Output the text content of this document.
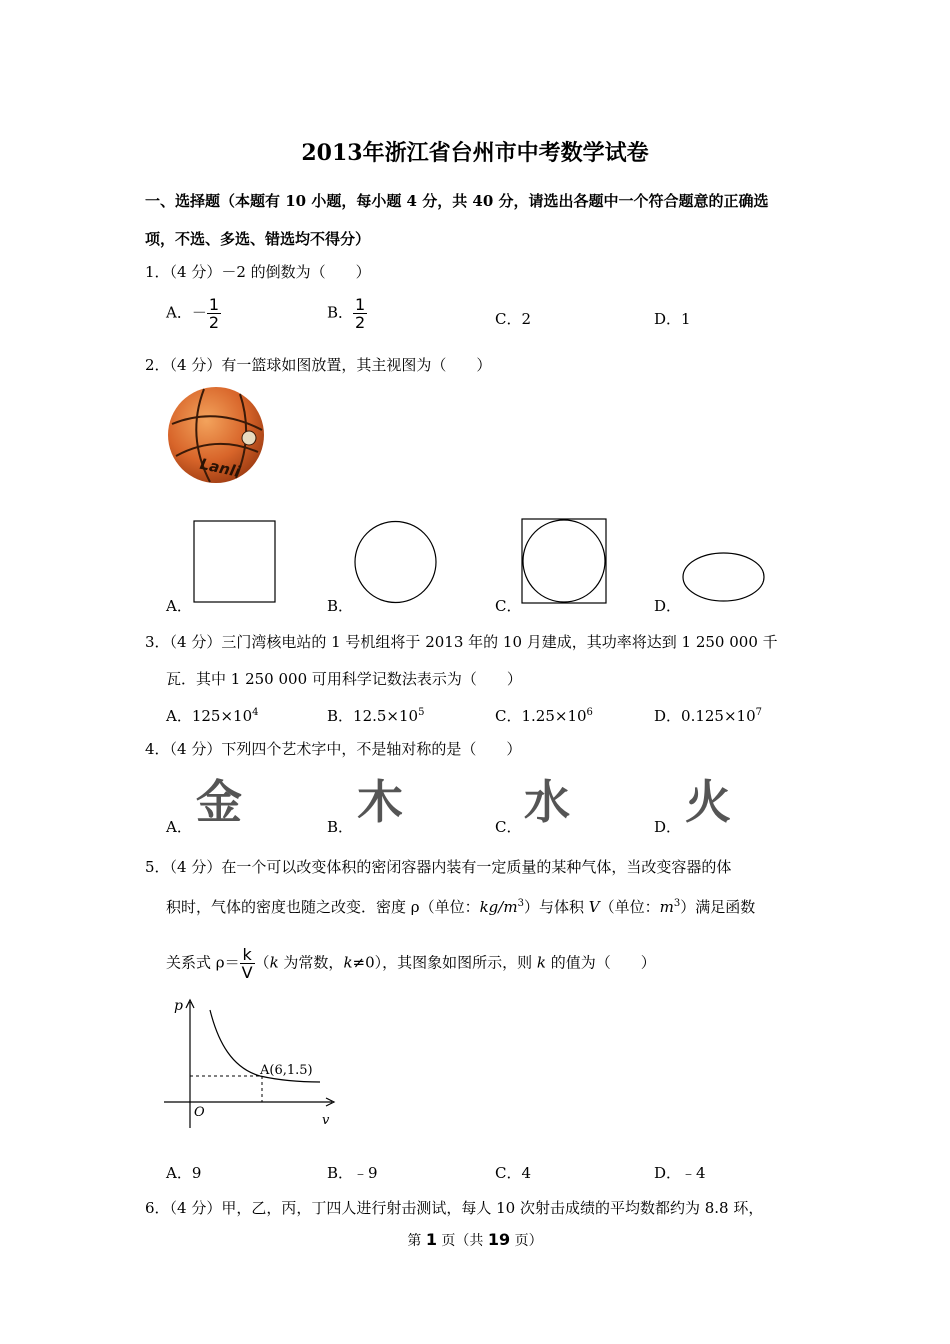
2013年浙江省台州市中考数学试卷
一、选择题（本题有 10 小题，每小题 4 分，共 40 分，请选出各题中一个符合题意的正确选
项，不选、多选、错选均不得分）
1．（4 分）－2 的倒数为（　　）
A．－ $\frac{1}{2}$	B． $\frac{1}{2}$	C．2	D．1
2．（4 分）有一篮球如图放置，其主视图为（　　）
Lanli
A．	B．	C．	D．
3．（4 分）三门湾核电站的 1 号机组将于 2013 年的 10 月建成，其功率将达到 1 250 000 千
瓦．其中 1 250 000 可用科学记数法表示为（　　）
A．$125\times 10^4$	B．$12.5\times 10^5$	C．$1.25\times 10^6$	D．$0.125\times 10^7$
4．（4 分）下列四个艺术字中，不是轴对称的是（　　）
金	木	水	火
A．	B．	C．	D．
5．（4 分）在一个可以改变体积的密闭容器内装有一定质量的某种气体，当改变容器的体
积时，气体的密度也随之改变．密度 ρ（单位：$kg/m^3$）与体积 V（单位：$m^3$）满足函数
关系式 $\rho= \frac{k}{V} (k$ 为常数，k≠0），其图象如图所示，则 k 的值为（　　）
p
v
O
A(6,1.5)
A．9	B．﹣9	C．4	D．﹣4
6．（4 分）甲，乙，丙，丁四人进行射击测试，每人 10 次射击成绩的平均数都约为 8.8 环，
第 1 页（共 19 页）
